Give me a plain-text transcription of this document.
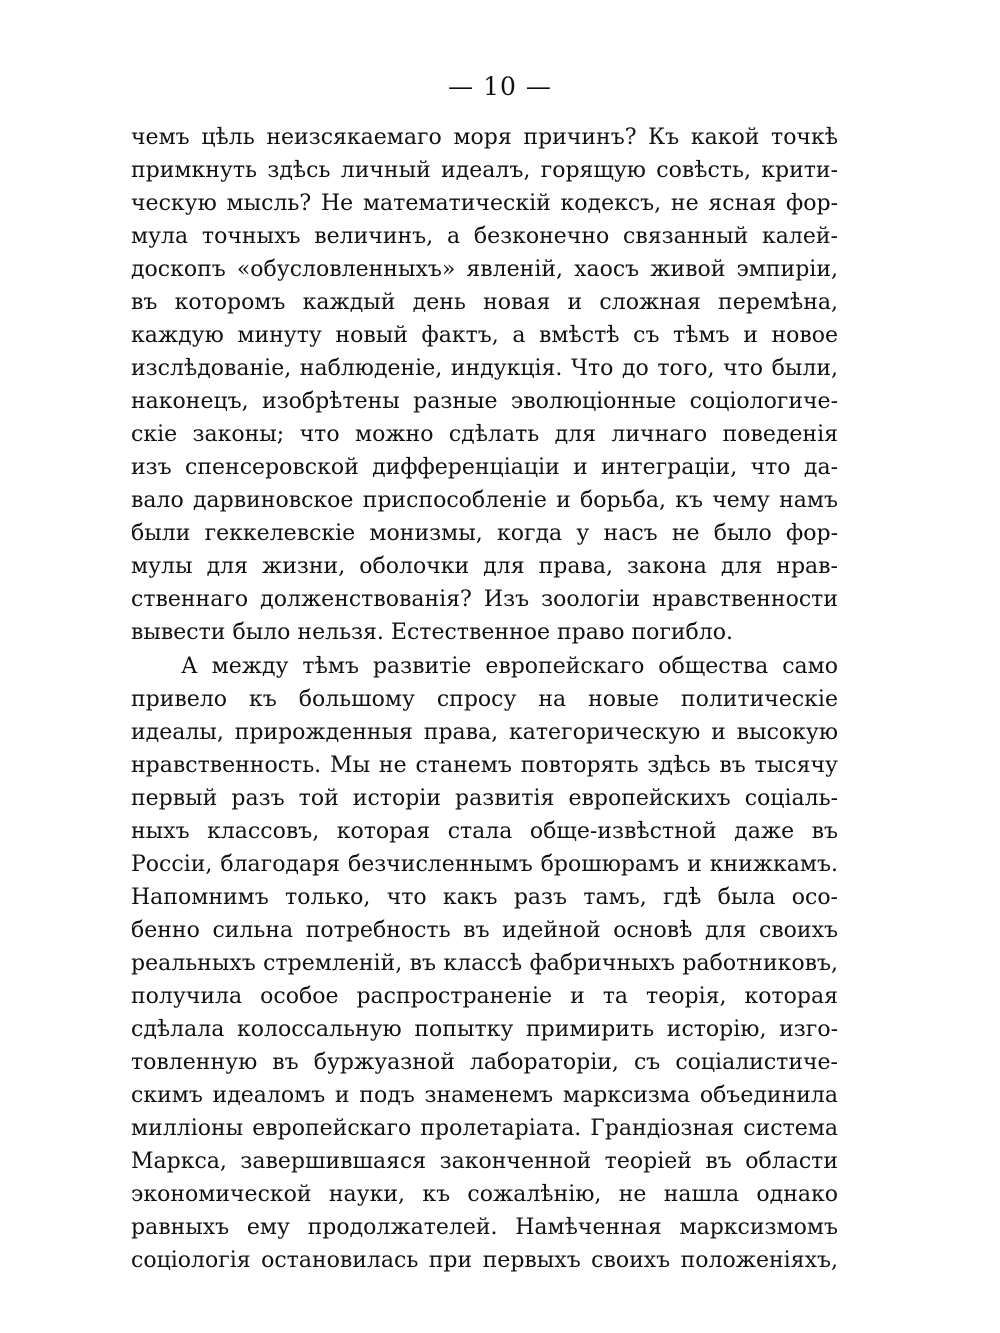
— 10 —
чемъ цѣль неизсякаемаго моря причинъ? Къ какой точкѣ
примкнуть здѣсь личный идеалъ, горящую совѣсть, крити-
ческую мысль? Не математическій кодексъ, не ясная фор-
мула точныхъ величинъ, а безконечно связанный калей-
доскопъ «обусловленныхъ» явленій, хаосъ живой эмпиріи,
въ которомъ каждый день новая и сложная перемѣна,
каждую минуту новый фактъ, а вмѣстѣ съ тѣмъ и новое
изслѣдованіе, наблюденіе, индукція. Что до того, что были,
наконецъ, изобрѣтены разные эволюціонные соціологиче-
скіе законы; что можно сдѣлать для личнаго поведенія
изъ спенсеровской дифференціаціи и интеграціи, что да-
вало дарвиновское приспособленіе и борьба, къ чему намъ
были геккелевскіе монизмы, когда у насъ не было фор-
мулы для жизни, оболочки для права, закона для нрав-
ственнаго долженствованія? Изъ зоологіи нравственности
вывести было нельзя. Естественное право погибло.
А между тѣмъ развитіе европейскаго общества само
привело къ большому спросу на новые политическіе
идеалы, прирожденныя права, категорическую и высокую
нравственность. Мы не станемъ повторять здѣсь въ тысячу
первый разъ той исторіи развитія европейскихъ соціаль-
ныхъ классовъ, которая стала обще-извѣстной даже въ
Россіи, благодаря безчисленнымъ брошюрамъ и книжкамъ.
Напомнимъ только, что какъ разъ тамъ, гдѣ была осо-
бенно сильна потребность въ идейной основѣ для своихъ
реальныхъ стремленій, въ классѣ фабричныхъ работниковъ,
получила особое распространеніе и та теорія, которая
сдѣлала колоссальную попытку примирить исторію, изго-
товленную въ буржуазной лабораторіи, съ соціалистиче-
скимъ идеаломъ и подъ знаменемъ марксизма объединила
милліоны европейскаго пролетаріата. Грандіозная система
Маркса, завершившаяся законченной теоріей въ области
экономической науки, къ сожалѣнію, не нашла однако
равныхъ ему продолжателей. Намѣченная марксизмомъ
соціологія остановилась при первыхъ своихъ положеніяхъ,
